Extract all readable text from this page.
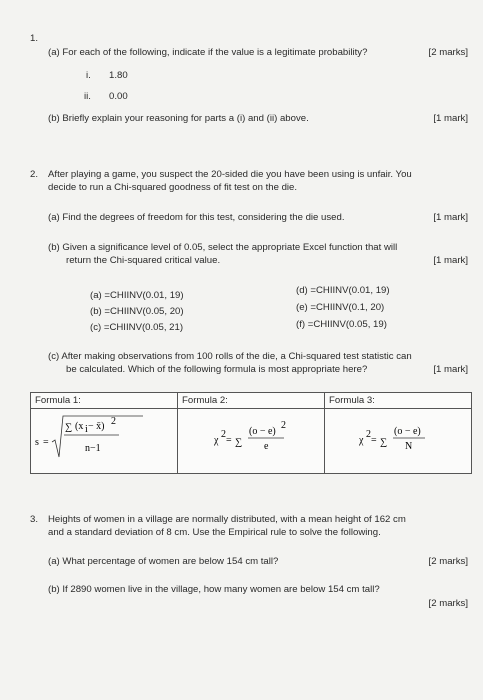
1.
(a) For each of the following, indicate if the value is a legitimate probability?	[2 marks]
i. 1.80
ii. 0.00
(b) Briefly explain your reasoning for parts a (i) and (ii) above.	[1 mark]
2. After playing a game, you suspect the 20-sided die you have been using is unfair. You
decide to run a Chi-squared goodness of fit test on the die.
(a) Find the degrees of freedom for this test, considering the die used.	[1 mark]
(b) Given a significance level of 0.05, select the appropriate Excel function that will
return the Chi-squared critical value.	[1 mark]
(a) =CHIINV(0.01, 19)
(b) =CHIINV(0.05, 20)
(c) =CHIINV(0.05, 21)
(d) =CHIINV(0.01, 19)
(e) =CHIINV(0.1, 20)
(f) =CHIINV(0.05, 19)
(c) After making observations from 100 rolls of the die, a Chi-squared test statistic can
be calculated. Which of the following formula is most appropriate here?	[1 mark]
Formula 1:
s =
∑ (x i − x̄) 2
n−1
Formula 2:
χ
2
= ∑
(o − e)
2
e
Formula 3:
χ
2
= ∑
(o − e)
N
3. Heights of women in a village are normally distributed, with a mean height of 162 cm
and a standard deviation of 8 cm. Use the Empirical rule to solve the following.
(a) What percentage of women are below 154 cm tall?	[2 marks]
(b) If 2890 women live in the village, how many women are below 154 cm tall?
[2 marks]
